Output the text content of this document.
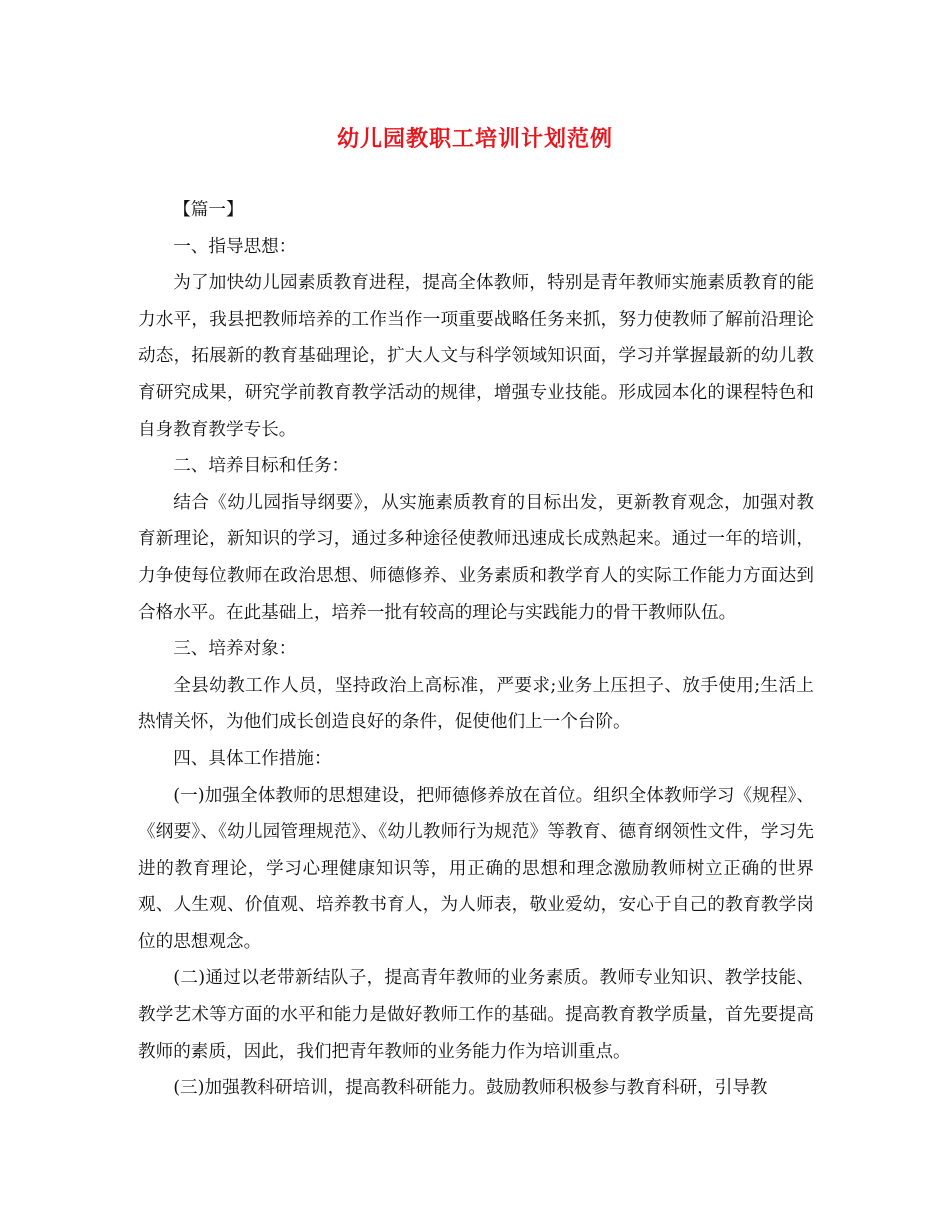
幼儿园教职工培训计划范例

【篇一】

一、指导思想：

为了加快幼儿园素质教育进程，提高全体教师，特别是青年教师实施素质教育的能力水平，我县把教师培养的工作当作一项重要战略任务来抓，努力使教师了解前沿理论动态，拓展新的教育基础理论，扩大人文与科学领域知识面，学习并掌握最新的幼儿教育研究成果，研究学前教育教学活动的规律，增强专业技能。形成园本化的课程特色和自身教育教学专长。

二、培养目标和任务：

结合《幼儿园指导纲要》，从实施素质教育的目标出发，更新教育观念，加强对教育新理论，新知识的学习，通过多种途径使教师迅速成长成熟起来。通过一年的培训，力争使每位教师在政治思想、师德修养、业务素质和教学育人的实际工作能力方面达到合格水平。在此基础上，培养一批有较高的理论与实践能力的骨干教师队伍。

三、培养对象：

全县幼教工作人员，坚持政治上高标准，严要求;业务上压担子、放手使用;生活上热情关怀，为他们成长创造良好的条件，促使他们上一个台阶。

四、具体工作措施：

(一)加强全体教师的思想建设，把师德修养放在首位。组织全体教师学习《规程》、《纲要》、《幼儿园管理规范》、《幼儿教师行为规范》等教育、德育纲领性文件，学习先进的教育理论，学习心理健康知识等，用正确的思想和理念激励教师树立正确的世界观、人生观、价值观、培养教书育人，为人师表，敬业爱幼，安心于自己的教育教学岗位的思想观念。

(二)通过以老带新结队子，提高青年教师的业务素质。教师专业知识、教学技能、教学艺术等方面的水平和能力是做好教师工作的基础。提高教育教学质量，首先要提高教师的素质，因此，我们把青年教师的业务能力作为培训重点。

(三)加强教科研培训，提高教科研能力。鼓励教师积极参与教育科研，引导教
